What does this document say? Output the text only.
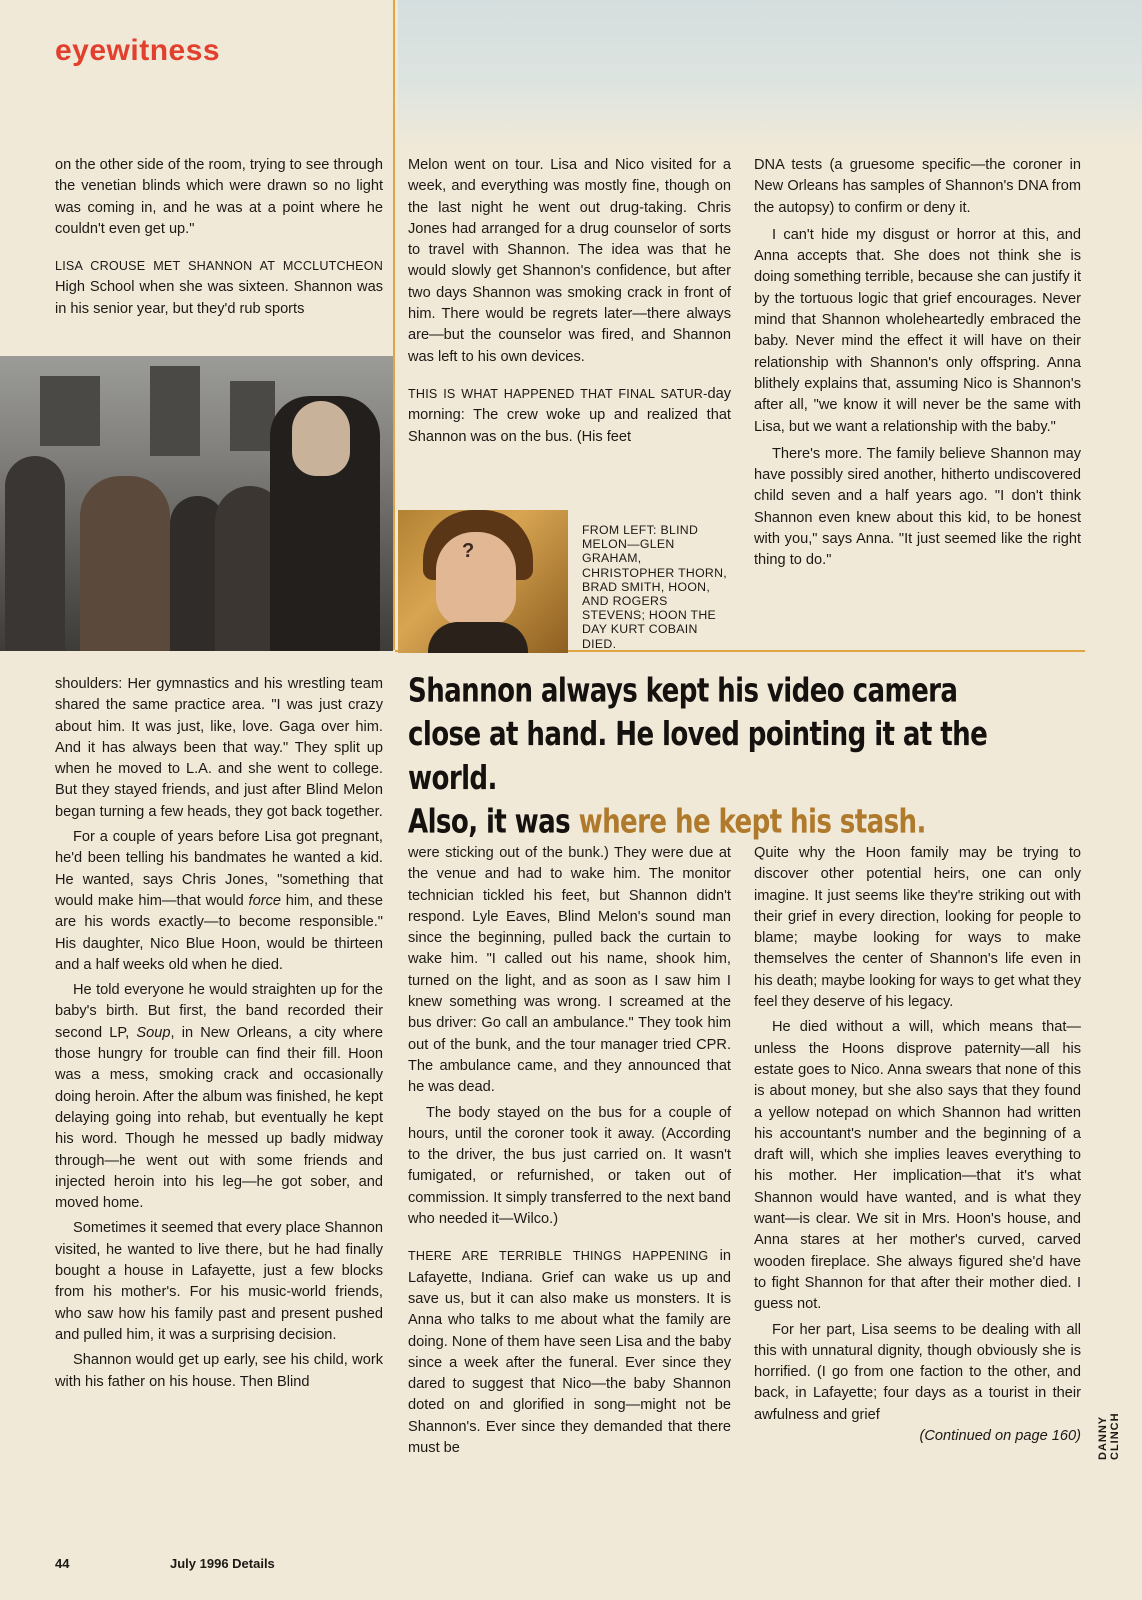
eyewitness

on the other side of the room, trying to see through the venetian blinds which were drawn so no light was coming in, and he was at a point where he couldn't even get up."

LISA CROUSE MET SHANNON AT MCCLUTCHEON High School when she was sixteen. Shannon was in his senior year, but they'd rub sports

Melon went on tour. Lisa and Nico visited for a week, and everything was mostly fine, though on the last night he went out drug-taking. Chris Jones had arranged for a drug counselor of sorts to travel with Shannon. The idea was that he would slowly get Shannon's confidence, but after two days Shannon was smoking crack in front of him. There would be regrets later—there always are—but the counselor was fired, and Shannon was left to his own devices.

THIS IS WHAT HAPPENED THAT FINAL SATUR-day morning: The crew woke up and realized that Shannon was on the bus. (His feet

?
FROM LEFT: BLIND MELON—GLEN GRAHAM, CHRISTOPHER THORN, BRAD SMITH, HOON, AND ROGERS STEVENS; HOON THE DAY KURT COBAIN DIED.

DNA tests (a gruesome specific—the coroner in New Orleans has samples of Shannon's DNA from the autopsy) to confirm or deny it.

I can't hide my disgust or horror at this, and Anna accepts that. She does not think she is doing something terrible, because she can justify it by the tortuous logic that grief encourages. Never mind that Shannon wholeheartedly embraced the baby. Never mind the effect it will have on their relationship with Shannon's only offspring. Anna blithely explains that, assuming Nico is Shannon's after all, "we know it will never be the same with Lisa, but we want a relationship with the baby."

There's more. The family believe Shannon may have possibly sired another, hitherto undiscovered child seven and a half years ago. "I don't think Shannon even knew about this kid, to be honest with you," says Anna. "It just seemed like the right thing to do."

Shannon always kept his video camera
close at hand. He loved pointing it at the world.
Also, it was where he kept his stash.

shoulders: Her gymnastics and his wrestling team shared the same practice area. "I was just crazy about him. It was just, like, love. Gaga over him. And it has always been that way." They split up when he moved to L.A. and she went to college. But they stayed friends, and just after Blind Melon began turning a few heads, they got back together.

For a couple of years before Lisa got pregnant, he'd been telling his bandmates he wanted a kid. He wanted, says Chris Jones, "something that would make him—that would force him, and these are his words exactly—to become responsible." His daughter, Nico Blue Hoon, would be thirteen and a half weeks old when he died.

He told everyone he would straighten up for the baby's birth. But first, the band recorded their second LP, Soup, in New Orleans, a city where those hungry for trouble can find their fill. Hoon was a mess, smoking crack and occasionally doing heroin. After the album was finished, he kept delaying going into rehab, but eventually he kept his word. Though he messed up badly midway through—he went out with some friends and injected heroin into his leg—he got sober, and moved home.

Sometimes it seemed that every place Shannon visited, he wanted to live there, but he had finally bought a house in Lafayette, just a few blocks from his mother's. For his music-world friends, who saw how his family past and present pushed and pulled him, it was a surprising decision.

Shannon would get up early, see his child, work with his father on his house. Then Blind

were sticking out of the bunk.) They were due at the venue and had to wake him. The monitor technician tickled his feet, but Shannon didn't respond. Lyle Eaves, Blind Melon's sound man since the beginning, pulled back the curtain to wake him. "I called out his name, shook him, turned on the light, and as soon as I saw him I knew something was wrong. I screamed at the bus driver: Go call an ambulance." They took him out of the bunk, and the tour manager tried CPR. The ambulance came, and they announced that he was dead.

The body stayed on the bus for a couple of hours, until the coroner took it away. (According to the driver, the bus just carried on. It wasn't fumigated, or refurnished, or taken out of commission. It simply transferred to the next band who needed it—Wilco.)

THERE ARE TERRIBLE THINGS HAPPENING in Lafayette, Indiana. Grief can wake us up and save us, but it can also make us monsters. It is Anna who talks to me about what the family are doing. None of them have seen Lisa and the baby since a week after the funeral. Ever since they dared to suggest that Nico—the baby Shannon doted on and glorified in song—might not be Shannon's. Ever since they demanded that there must be

Quite why the Hoon family may be trying to discover other potential heirs, one can only imagine. It just seems like they're striking out with their grief in every direction, looking for people to blame; maybe looking for ways to make themselves the center of Shannon's life even in his death; maybe looking for ways to get what they feel they deserve of his legacy.

He died without a will, which means that—unless the Hoons disprove paternity—all his estate goes to Nico. Anna swears that none of this is about money, but she also says that they found a yellow notepad on which Shannon had written his accountant's number and the beginning of a draft will, which she implies leaves everything to his mother. Her implication—that it's what Shannon would have wanted, and is what they want—is clear. We sit in Mrs. Hoon's house, and Anna stares at her mother's curved, carved wooden fireplace. She always figured she'd have to fight Shannon for that after their mother died. I guess not.

For her part, Lisa seems to be dealing with all this with unnatural dignity, though obviously she is horrified. (I go from one faction to the other, and back, in Lafayette; four days as a tourist in their awfulness and grief

(Continued on page 160) DANNY CLINCH
44	July 1996 Details
